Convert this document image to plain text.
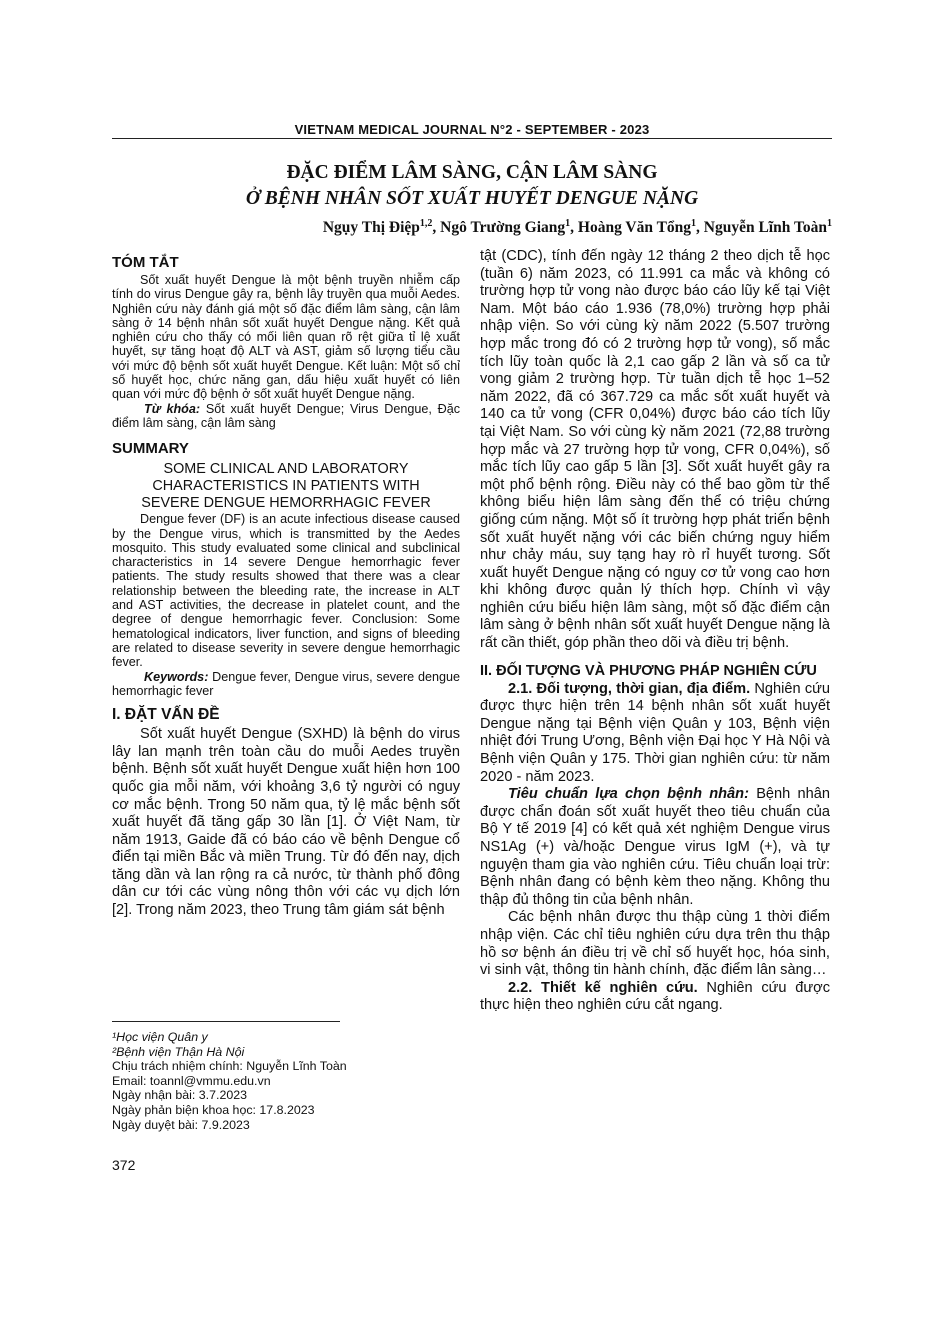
VIETNAM MEDICAL JOURNAL N°2 - SEPTEMBER - 2023
ĐẶC ĐIỂM LÂM SÀNG, CẬN LÂM SÀNG
Ở BỆNH NHÂN SỐT XUẤT HUYẾT DENGUE NẶNG
Ngụy Thị Điệp$^{1,2}$, Ngô Trường Giang$^1$, Hoàng Văn Tổng$^1$, Nguyễn Lĩnh Toàn$^1$
TÓM TẮT

Sốt xuất huyết Dengue là một bệnh truyền nhiễm cấp tính do virus Dengue gây ra, bệnh lây truyền qua muỗi Aedes. Nghiên cứu này đánh giá một số đặc điểm lâm sàng, cận lâm sàng ở 14 bệnh nhân sốt xuất huyết Dengue nặng. Kết quả nghiên cứu cho thấy có mối liên quan rõ rệt giữa tỉ lệ xuất huyết, sự tăng hoạt độ ALT và AST, giảm số lượng tiểu cầu với mức độ bệnh sốt xuất huyết Dengue. Kết luận: Một số chỉ số huyết học, chức năng gan, dấu hiệu xuất huyết có liên quan với mức độ bệnh ở sốt xuất huyết Dengue nặng.

Từ khóa: Sốt xuất huyết Dengue; Virus Dengue, Đặc điểm lâm sàng, cận lâm sàng

SUMMARY
SOME CLINICAL AND LABORATORY
CHARACTERISTICS IN PATIENTS WITH
SEVERE DENGUE HEMORRHAGIC FEVER

Dengue fever (DF) is an acute infectious disease caused by the Dengue virus, which is transmitted by the Aedes mosquito. This study evaluated some clinical and subclinical characteristics in 14 severe Dengue hemorrhagic fever patients. The study results showed that there was a clear relationship between the bleeding rate, the increase in ALT and AST activities, the decrease in platelet count, and the degree of dengue hemorrhagic fever. Conclusion: Some hematological indicators, liver function, and signs of bleeding are related to disease severity in severe dengue hemorrhagic fever.

Keywords: Dengue fever, Dengue virus, severe dengue hemorrhagic fever

I. ĐẶT VẤN ĐỀ

Sốt xuất huyết Dengue (SXHD) là bệnh do virus lây lan mạnh trên toàn cầu do muỗi Aedes truyền bệnh. Bệnh sốt xuất huyết Dengue xuất hiện hơn 100 quốc gia mỗi năm, với khoảng 3,6 tỷ người có nguy cơ mắc bệnh. Trong 50 năm qua, tỷ lệ mắc bệnh sốt xuất huyết đã tăng gấp 30 lần [1]. Ở Việt Nam, từ năm 1913, Gaide đã có báo cáo về bệnh Dengue cổ điển tại miền Bắc và miền Trung. Từ đó đến nay, dịch tăng dần và lan rộng ra cả nước, từ thành phố đông dân cư tới các vùng nông thôn với các vụ dịch lớn [2]. Trong năm 2023, theo Trung tâm giám sát bệnh

tật (CDC), tính đến ngày 12 tháng 2 theo dịch tễ học (tuần 6) năm 2023, có 11.991 ca mắc và không có trường hợp tử vong nào được báo cáo lũy kế tại Việt Nam. Một báo cáo 1.936 (78,0%) trường hợp phải nhập viện. So với cùng kỳ năm 2022 (5.507 trường hợp mắc trong đó có 2 trường hợp tử vong), số mắc tích lũy toàn quốc là 2,1 cao gấp 2 lần và số ca tử vong giảm 2 trường hợp. Từ tuần dịch tễ học 1–52 năm 2022, đã có 367.729 ca mắc sốt xuất huyết và 140 ca tử vong (CFR 0,04%) được báo cáo tích lũy tại Việt Nam. So với cùng kỳ năm 2021 (72,88 trường hợp mắc và 27 trường hợp tử vong, CFR 0,04%), số mắc tích lũy cao gấp 5 lần [3]. Sốt xuất huyết gây ra một phổ bệnh rộng. Điều này có thể bao gồm từ thể không biểu hiện lâm sàng đến thể có triệu chứng giống cúm nặng. Một số ít trường hợp phát triển bệnh sốt xuất huyết nặng với các biến chứng nguy hiểm như chảy máu, suy tạng hay rò rỉ huyết tương. Sốt xuất huyết Dengue nặng có nguy cơ tử vong cao hơn khi không được quản lý thích hợp. Chính vì vậy nghiên cứu biểu hiện lâm sàng, một số đặc điểm cận lâm sàng ở bệnh nhân sốt xuất huyết Dengue nặng là rất cần thiết, góp phần theo dõi và điều trị bệnh.

II. ĐỐI TƯỢNG VÀ PHƯƠNG PHÁP NGHIÊN CỨU

2.1. Đối tượng, thời gian, địa điểm. Nghiên cứu được thực hiện trên 14 bệnh nhân sốt xuất huyết Dengue nặng tại Bệnh viện Quân y 103, Bệnh viện nhiệt đới Trung Ương, Bệnh viện Đại học Y Hà Nội và Bệnh viện Quân y 175. Thời gian nghiên cứu: từ năm 2020 - năm 2023.

Tiêu chuẩn lựa chọn bệnh nhân: Bệnh nhân được chẩn đoán sốt xuất huyết theo tiêu chuẩn của Bộ Y tế 2019 [4] có kết quả xét nghiệm Dengue virus NS1Ag (+) và/hoặc Dengue virus IgM (+), và tự nguyện tham gia vào nghiên cứu. Tiêu chuẩn loại trừ: Bệnh nhân đang có bệnh kèm theo nặng. Không thu thập đủ thông tin của bệnh nhân.

Các bệnh nhân được thu thập cùng 1 thời điểm nhập viện. Các chỉ tiêu nghiên cứu dựa trên thu thập hồ sơ bệnh án điều trị về chỉ số huyết học, hóa sinh, vi sinh vật, thông tin hành chính, đặc điểm lân sàng…

2.2. Thiết kế nghiên cứu. Nghiên cứu được thực hiện theo nghiên cứu cắt ngang.

¹Học viện Quân y
²Bệnh viện Thận Hà Nội
Chịu trách nhiệm chính: Nguyễn Lĩnh Toàn
Email: toannl@vmmu.edu.vn
Ngày nhận bài: 3.7.2023
Ngày phản biện khoa học: 17.8.2023
Ngày duyệt bài: 7.9.2023
372
